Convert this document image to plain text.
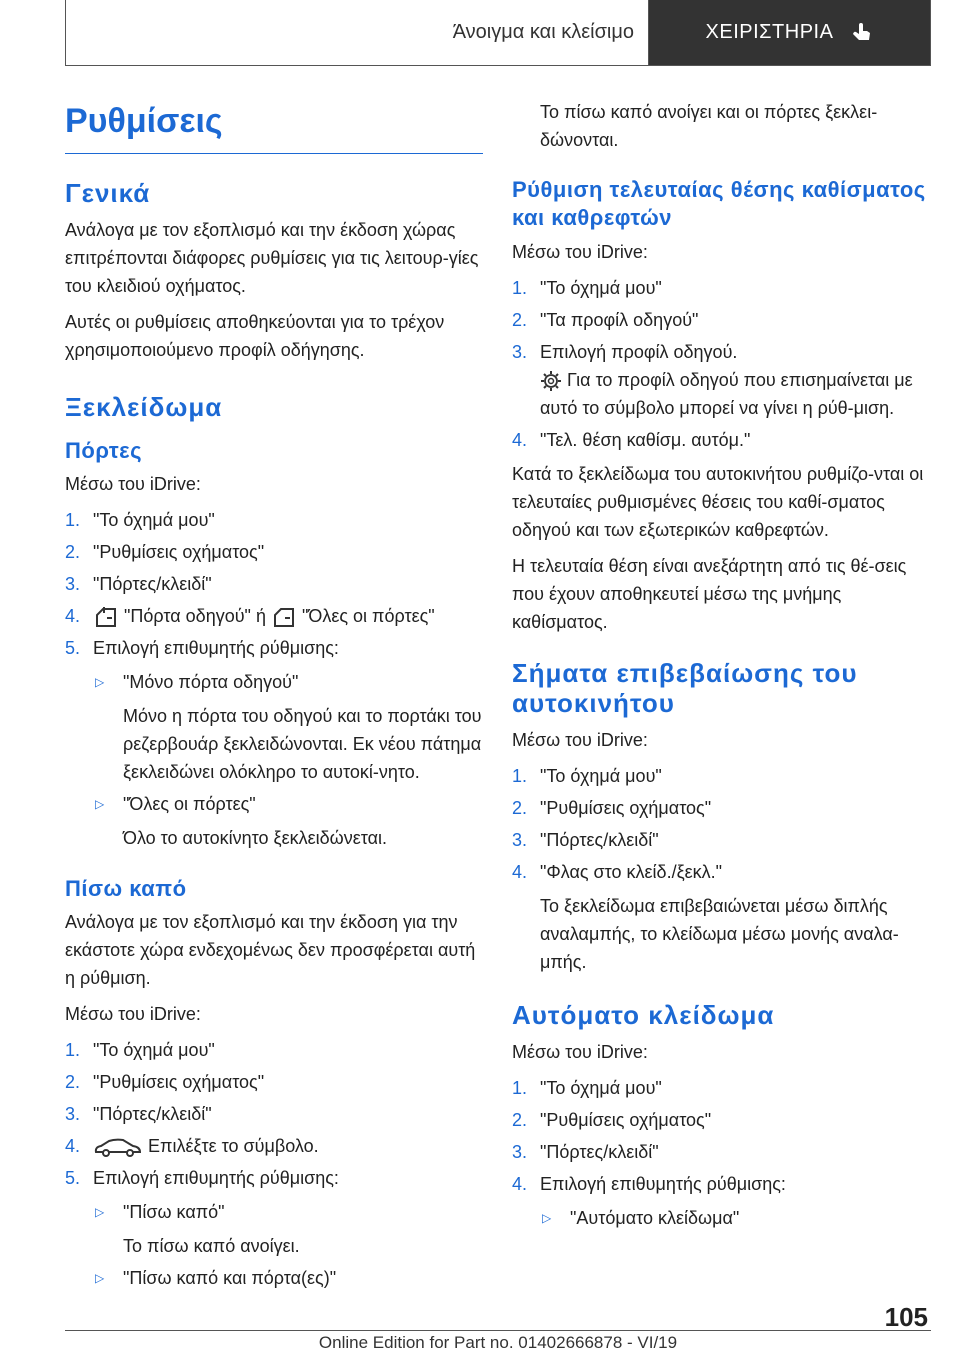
Άνοιγμα και κλείσιμο	ΧΕΙΡΙΣΤΗΡΙΑ
Ρυθμίσεις
Γενικά

Ανάλογα με τον εξοπλισμό και την έκδοση χώρας επιτρέπονται διάφορες ρυθμίσεις για τις λειτουρ‐γίες του κλειδιού οχήματος.

Αυτές οι ρυθμίσεις αποθηκεύονται για το τρέχον χρησιμοποιούμενο προφίλ οδήγησης.

Ξεκλείδωμα
Πόρτες

Μέσω του iDrive:

1. "Το όχημά μου"
2. "Ρυθμίσεις οχήματος"
3. "Πόρτες/κλειδί"
4. "Πόρτα οδηγού" ή "Όλες οι πόρτες"
5. Επιλογή επιθυμητής ρύθμισης:
▷ "Μόνο πόρτα οδηγού"
Μόνο η πόρτα του οδηγού και το πορτάκι του ρεζερβουάρ ξεκλειδώνονται. Εκ νέου πάτημα ξεκλειδώνει ολόκληρο το αυτοκί‐νητο.
▷ "Όλες οι πόρτες"
Όλο το αυτοκίνητο ξεκλειδώνεται.
Πίσω καπό

Ανάλογα με τον εξοπλισμό και την έκδοση για την εκάστοτε χώρα ενδεχομένως δεν προσφέρεται αυτή η ρύθμιση.

Μέσω του iDrive:

1. "Το όχημά μου"
2. "Ρυθμίσεις οχήματος"
3. "Πόρτες/κλειδί"
4.	Επιλέξτε το σύμβολο.
5. Επιλογή επιθυμητής ρύθμισης:
▷ "Πίσω καπό"
Το πίσω καπό ανοίγει.
▷ "Πίσω καπό και πόρτα(ες)"

Το πίσω καπό ανοίγει και οι πόρτες ξεκλει‐δώνονται.

Ρύθμιση τελευταίας θέσης καθίσματος και καθρεφτών

Μέσω του iDrive:

1. "Το όχημά μου"
2. "Τα προφίλ οδηγού"
3. Επιλογή προφίλ οδηγού.
Για το προφίλ οδηγού που επισημαίνεται με αυτό το σύμβολο μπορεί να γίνει η ρύθ‐μιση.
4. "Τελ. θέση καθίσμ. αυτόμ."

Κατά το ξεκλείδωμα του αυτοκινήτου ρυθμίζο‐νται οι τελευταίες ρυθμισμένες θέσεις του καθί‐σματος οδηγού και των εξωτερικών καθρεφτών.

Η τελευταία θέση είναι ανεξάρτητη από τις θέ‐σεις που έχουν αποθηκευτεί μέσω της μνήμης καθίσματος.

Σήματα επιβεβαίωσης του αυτοκινήτου

Μέσω του iDrive:

1. "Το όχημά μου"
2. "Ρυθμίσεις οχήματος"
3. "Πόρτες/κλειδί"
4. "Φλας στο κλείδ./ξεκλ."
Το ξεκλείδωμα επιβεβαιώνεται μέσω διπλής αναλαμπής, το κλείδωμα μέσω μονής αναλα‐μπής.
Αυτόματο κλείδωμα

Μέσω του iDrive:

1. "Το όχημά μου"
2. "Ρυθμίσεις οχήματος"
3. "Πόρτες/κλειδί"
4. Επιλογή επιθυμητής ρύθμισης:
▷ "Αυτόματο κλείδωμα"
105
Online Edition for Part no. 01402666878 - VI/19
